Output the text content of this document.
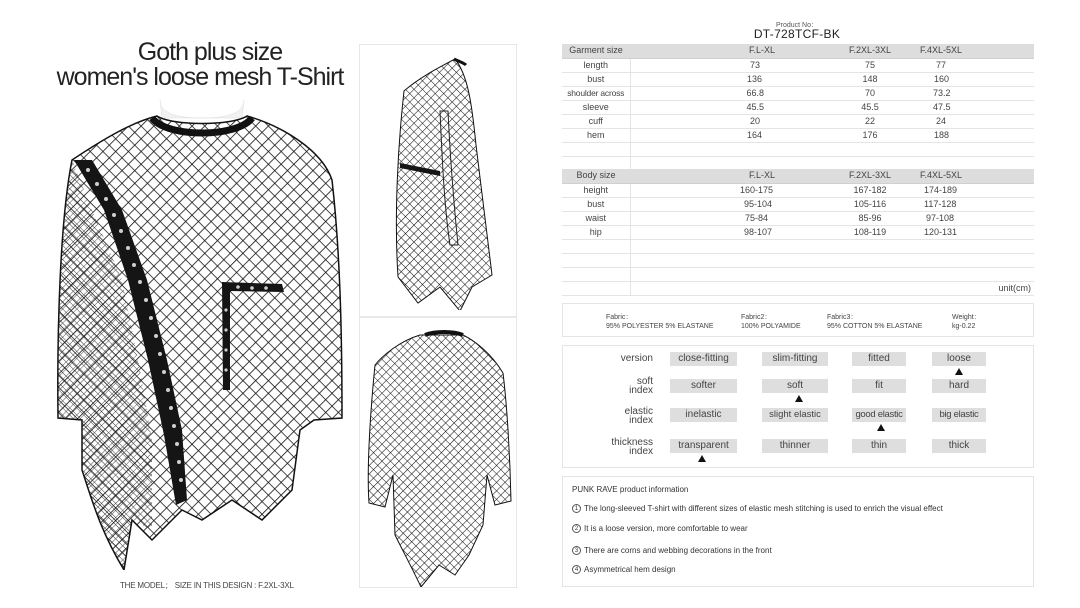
Goth plus size
women's loose mesh T-Shirt
THE MODEL； SIZE IN THIS DESIGN : F.2XL-3XL
Product No：
DT-728TCF-BK
Garment size	F.L-XL	F.2XL-3XL	F.4XL-5XL	
length	73	75	77	
bust	136	148	160	
shoulder across	66.8	70	73.2	
sleeve	45.5	45.5	47.5	
cuff	20	22	24	
hem	164	176	188	

Body size	F.L-XL	F.2XL-3XL	F.4XL-5XL	
height	160-175	167-182	174-189	
bust	95-104	105-116	117-128	
waist	75-84	85-96	97-108	
hip	98-107	108-119	120-131	

	unit(cm)			
Fabric：
95% POLYESTER 5% ELASTANE
Fabric2：
100% POLYAMIDE
Fabric3：
95% COTTON 5% ELASTANE
Weight：
kg-0.22
version	close-fitting	slim-fitting	fitted	loose
soft
index	softer	soft	fit	hard
elastic
index
inelastic	slight elastic	good elastic	big elastic
thickness
index
transparent	thinner	thin	thick
PUNK RAVE product information
1 The long-sleeved T-shirt with different sizes of elastic mesh stitching is used to enrich the visual effect
2 It is a loose version, more comfortable to wear
3 There are corns and webbing decorations in the front
4 Asymmetrical hem design
